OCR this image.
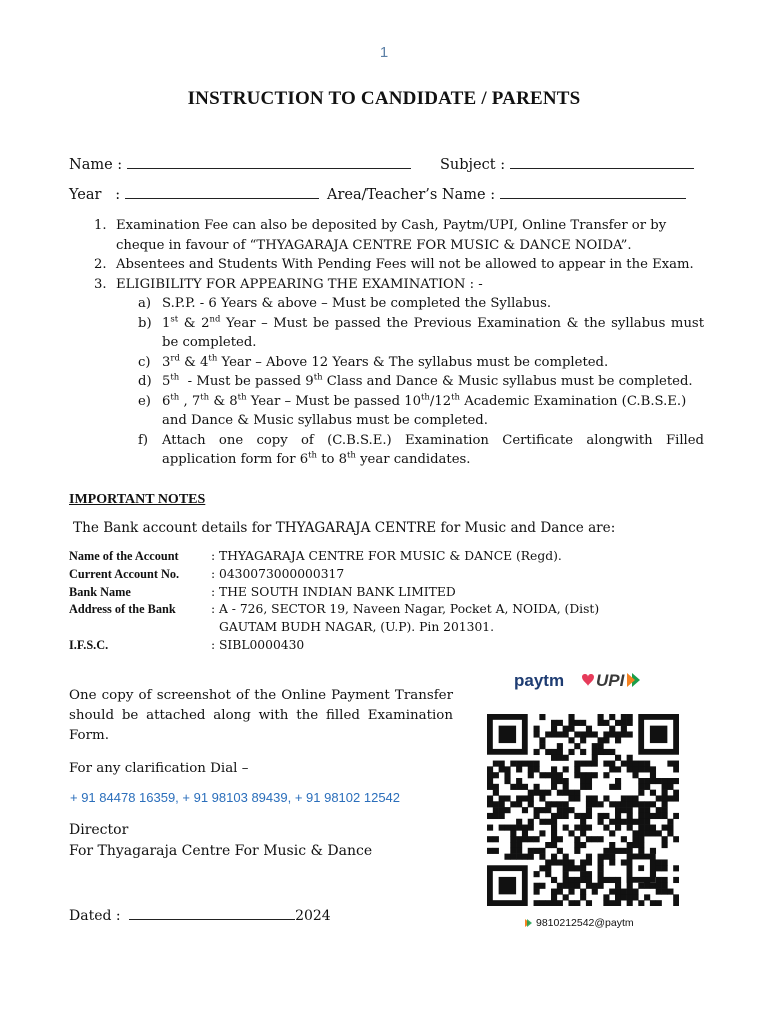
1
INSTRUCTION TO CANDIDATE / PARENTS
Name :	Subject :
Year   :	Area/Teacher’s Name :
1. Examination Fee can also be deposited by Cash, Paytm/UPI, Online Transfer or by cheque in favour of “THYAGARAJA CENTRE FOR MUSIC & DANCE NOIDA”.
2. Absentees and Students With Pending Fees will not be allowed to appear in the Exam.
3. ELIGIBILITY FOR APPEARING THE EXAMINATION : -
a) S.P.P. - 6 Years & above – Must be completed the Syllabus.
b) 1st & 2nd Year – Must be passed the Previous Examination & the syllabus must be completed.
c) 3rd & 4th Year – Above 12 Years & The syllabus must be completed.
d) 5th  - Must be passed 9th Class and Dance & Music syllabus must be completed.
e) 6th , 7th & 8th Year – Must be passed 10th/12th Academic Examination (C.B.S.E.) and Dance & Music syllabus must be completed.
f)	Attach one copy of (C.B.S.E.) Examination Certificate alongwith Filled application form for 6th to 8th year candidates.
IMPORTANT NOTES
The Bank account details for THYAGARAJA CENTRE for Music and Dance are:
Name of the Account	: THYAGARAJA CENTRE FOR MUSIC & DANCE (Regd).
Current Account No.	: 0430073000000317
Bank Name	: THE SOUTH INDIAN BANK LIMITED
Address of the Bank	: A - 726, SECTOR 19, Naveen Nagar, Pocket A, NOIDA, (Dist)
GAUTAM BUDH NAGAR, (U.P). Pin 201301.
I.F.S.C.	: SIBL0000430
One copy of screenshot of the Online Payment Transfer should be attached along with the filled Examination Form.
For any clarification Dial –
+ 91 84478 16359, + 91 98103 89439, + 91 98102 12542
Director
For Thyagaraja Centre For Music & Dance
Dated :	2024
paytm UPI
9810212542@paytm
